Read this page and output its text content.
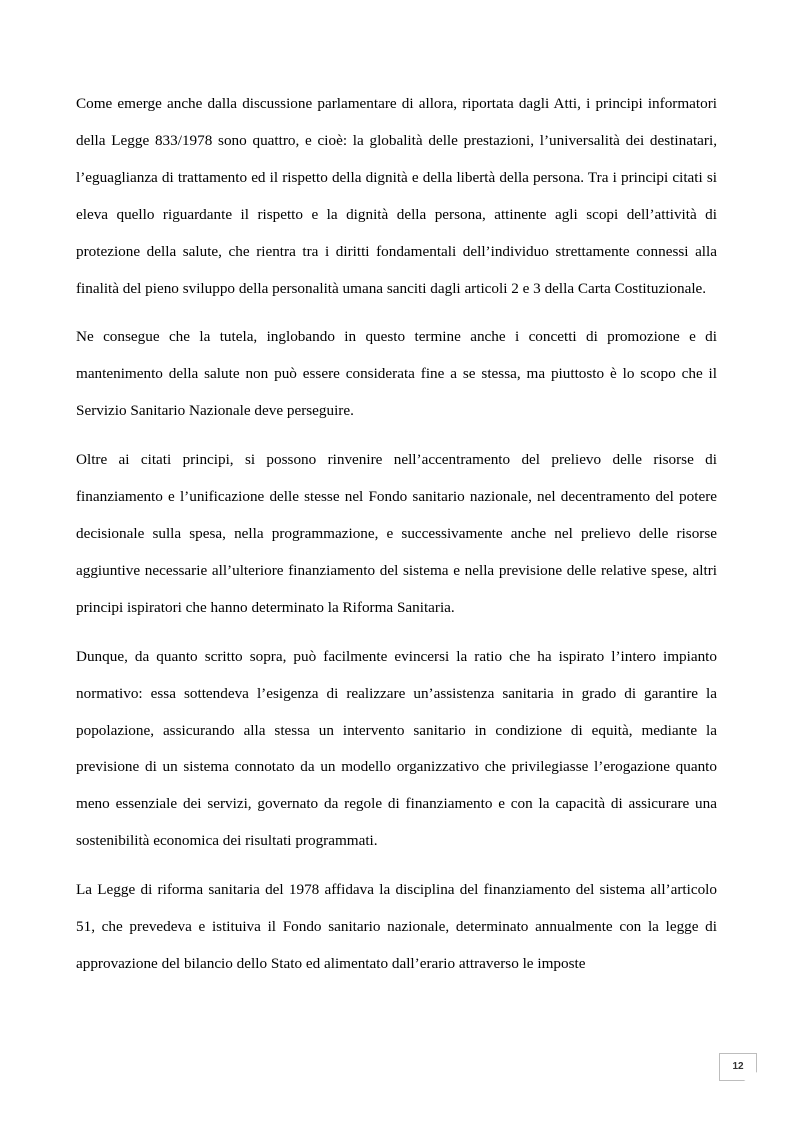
Come emerge anche dalla discussione parlamentare di allora, riportata dagli Atti, i principi informatori della Legge 833/1978 sono quattro, e cioè: la globalità delle prestazioni, l’universalità dei destinatari, l’eguaglianza di trattamento ed il rispetto della dignità e della libertà della persona. Tra i principi citati si eleva quello riguardante il rispetto e la dignità della persona, attinente agli scopi dell’attività di protezione della salute, che rientra tra i diritti fondamentali dell’individuo strettamente connessi alla finalità del pieno sviluppo della personalità umana sanciti dagli articoli 2 e 3 della Carta Costituzionale.

Ne consegue che la tutela, inglobando in questo termine anche i concetti di promozione e di mantenimento della salute non può essere considerata fine a se stessa, ma piuttosto è lo scopo che il Servizio Sanitario Nazionale deve perseguire.

Oltre ai citati principi, si possono rinvenire nell’accentramento del prelievo delle risorse di finanziamento e l’unificazione delle stesse nel Fondo sanitario nazionale, nel decentramento del potere decisionale sulla spesa, nella programmazione, e successivamente anche nel prelievo delle risorse aggiuntive necessarie all’ulteriore finanziamento del sistema e nella previsione delle relative spese, altri principi ispiratori che hanno determinato la Riforma Sanitaria.

Dunque, da quanto scritto sopra, può facilmente evincersi la ratio che ha ispirato l’intero impianto normativo: essa sottendeva l’esigenza di realizzare un’assistenza sanitaria in grado di garantire la popolazione, assicurando alla stessa un intervento sanitario in condizione di equità, mediante la previsione di un sistema connotato da un modello organizzativo che privilegiasse l’erogazione quanto meno essenziale dei servizi, governato da regole di finanziamento e con la capacità di assicurare una sostenibilità economica dei risultati programmati.

La Legge di riforma sanitaria del 1978 affidava la disciplina del finanziamento del sistema all’articolo 51, che prevedeva e istituiva il Fondo sanitario nazionale, determinato annualmente con la legge di approvazione del bilancio dello Stato ed alimentato dall’erario attraverso le imposte

12
